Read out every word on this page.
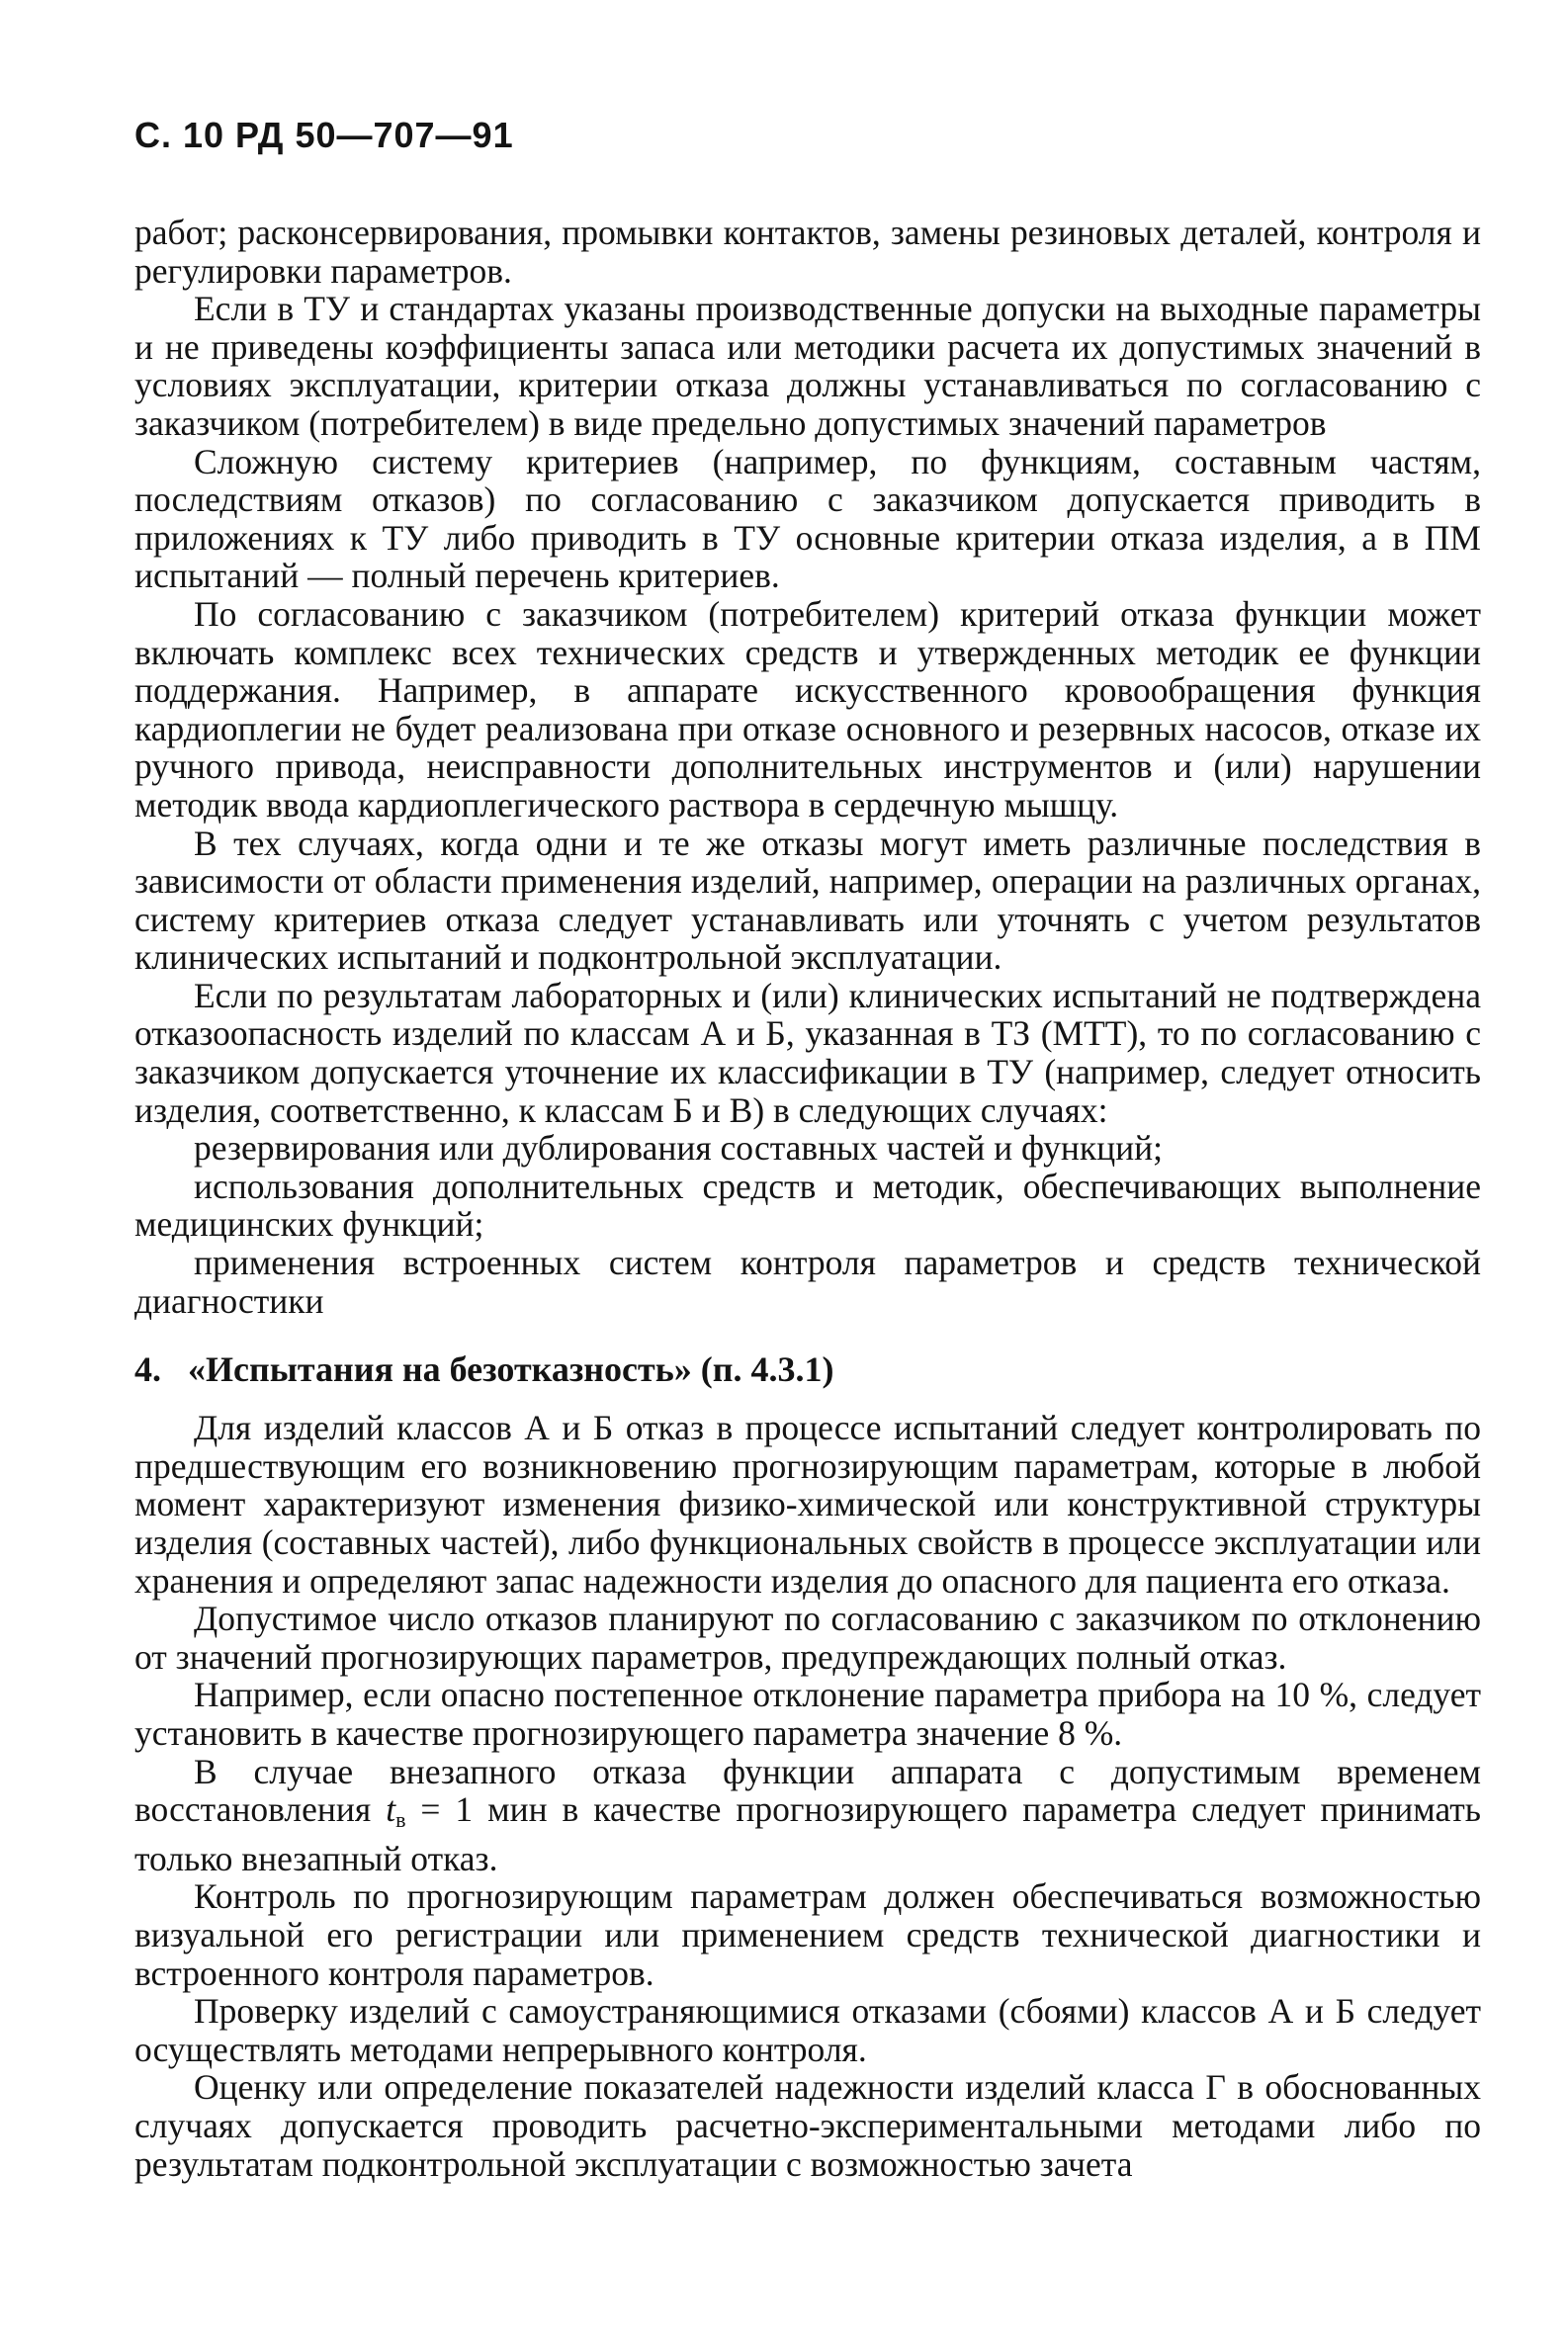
С. 10 РД 50—707—91

работ; расконсервирования, промывки контактов, замены резиновых деталей, контроля и регулировки параметров.

Если в ТУ и стандартах указаны производственные допуски на выходные параметры и не приведены коэффициенты запаса или методики расчета их допустимых значений в условиях эксплуатации, критерии отказа должны устанавливаться по согласованию с заказчиком (потребителем) в виде предельно допустимых значений параметров

Сложную систему критериев (например, по функциям, составным частям, последствиям отказов) по согласованию с заказчиком допускается приводить в приложениях к ТУ либо приводить в ТУ основные критерии отказа изделия, а в ПМ испытаний — полный перечень критериев.

По согласованию с заказчиком (потребителем) критерий отказа функции может включать комплекс всех технических средств и утвержденных методик ее функции поддержания. Например, в аппарате искусственного кровообращения функция кардиоплегии не будет реализована при отказе основного и резервных насосов, отказе их ручного привода, неисправности дополнительных инструментов и (или) нарушении методик ввода кардиоплегического раствора в сердечную мышцу.

В тех случаях, когда одни и те же отказы могут иметь различные последствия в зависимости от области применения изделий, например, операции на различных органах, систему критериев отказа следует устанавливать или уточнять с учетом результатов клинических испытаний и подконтрольной эксплуатации.

Если по результатам лабораторных и (или) клинических испытаний не подтверждена отказоопасность изделий по классам А и Б, указанная в ТЗ (МТТ), то по согласованию с заказчиком допускается уточнение их классификации в ТУ (например, следует относить изделия, соответственно, к классам Б и В) в следующих случаях:

резервирования или дублирования составных частей и функций;

использования дополнительных средств и методик, обеспечивающих выполнение медицинских функций;

применения встроенных систем контроля параметров и средств технической диагностики

4. «Испытания на безотказность» (п. 4.3.1)

Для изделий классов А и Б отказ в процессе испытаний следует контролировать по предшествующим его возникновению прогнозирующим параметрам, которые в любой момент характеризуют изменения физико-химической или конструктивной структуры изделия (составных частей), либо функциональных свойств в процессе эксплуатации или хранения и определяют запас надежности изделия до опасного для пациента его отказа.

Допустимое число отказов планируют по согласованию с заказчиком по отклонению от значений прогнозирующих параметров, предупреждающих полный отказ.

Например, если опасно постепенное отклонение параметра прибора на 10 %, следует установить в качестве прогнозирующего параметра значение 8 %.

В случае внезапного отказа функции аппарата с допустимым временем восстановления $t_в = 1$ мин в качестве прогнозирующего параметра следует принимать только внезапный отказ.

Контроль по прогнозирующим параметрам должен обеспечиваться возможностью визуальной его регистрации или применением средств технической диагностики и встроенного контроля параметров.

Проверку изделий с самоустраняющимися отказами (сбоями) классов А и Б следует осуществлять методами непрерывного контроля.

Оценку или определение показателей надежности изделий класса Г в обоснованных случаях допускается проводить расчетно-экспериментальными методами либо по результатам подконтрольной эксплуатации с возможностью зачета
